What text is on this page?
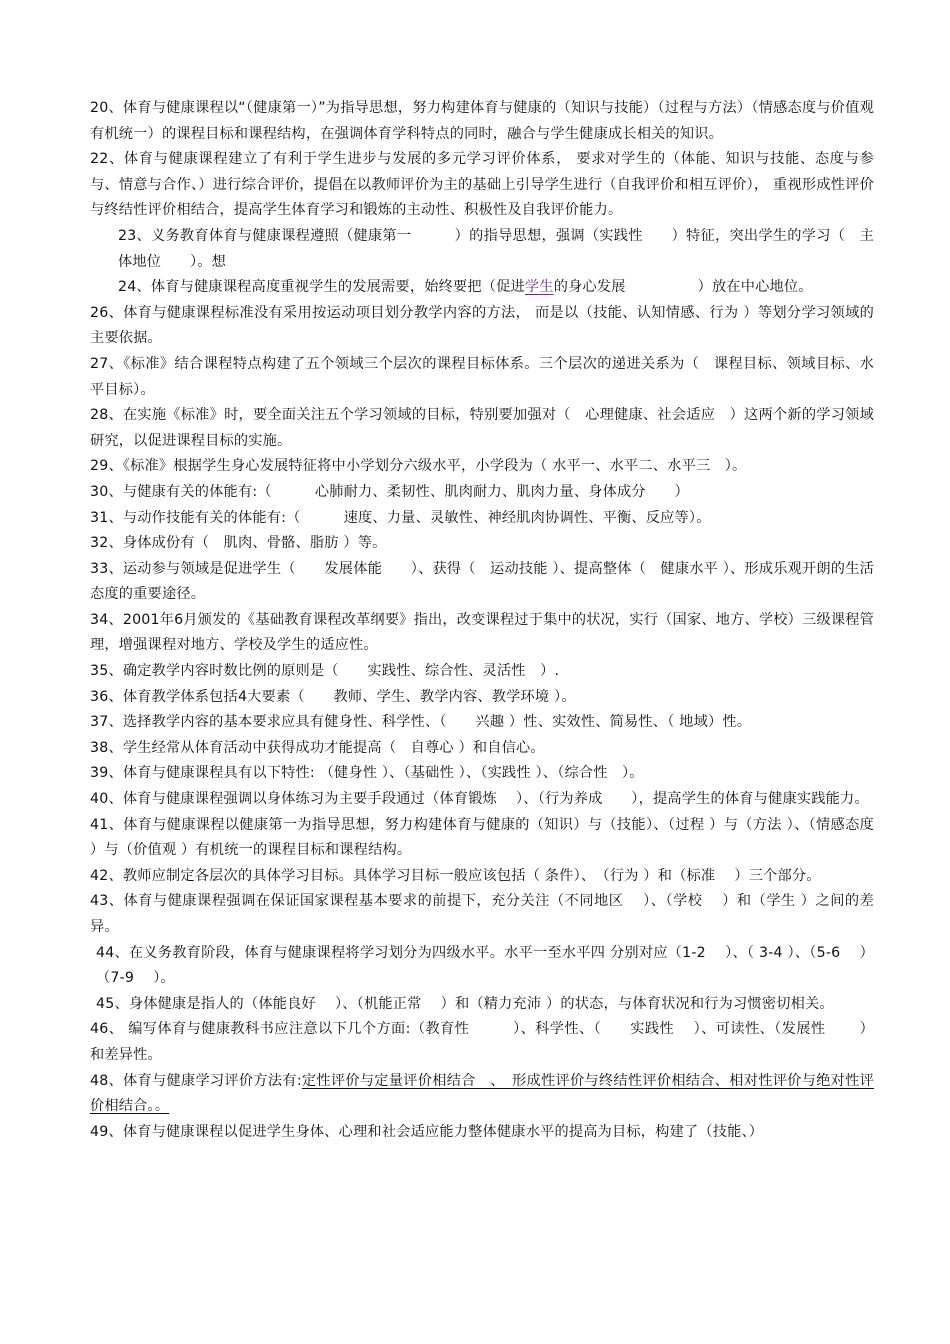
20、体育与健康课程以“（健康第一）”为指导思想，努力构建体育与健康的（知识与技能）（过程与方法）（情感态度与价值观有机统一）的课程目标和课程结构，在强调体育学科特点的同时，融合与学生健康成长相关的知识。

22、体育与健康课程建立了有利于学生进步与发展的多元学习评价体系， 要求对学生的（体能、知识与技能、态度与参与、情意与合作、）进行综合评价，提倡在以教师评价为主的基础上引导学生进行（自我评价和相互评价）， 重视形成性评价与终结性评价相结合，提高学生体育学习和锻炼的主动性、积极性及自我评价能力。

23、义务教育体育与健康课程遵照（健康第一　　　）的指导思想，强调（实践性　　）特征，突出学生的学习（　主体地位　　）。想

24、体育与健康课程高度重视学生的发展需要，始终要把（促进学生的身心发展　　　　　）放在中心地位。

26、体育与健康课程标准没有采用按运动项目划分教学内容的方法， 而是以（技能、认知情感、行为 ）等划分学习领域的主要依据。

27、《标准》结合课程特点构建了五个领域三个层次的课程目标体系。三个层次的递进关系为（　课程目标、领域目标、水平目标）。

28、在实施《标准》时，要全面关注五个学习领域的目标，特别要加强对（　心理健康、社会适应　）这两个新的学习领域研究，以促进课程目标的实施。

29、《标准》根据学生身心发展特征将中小学划分六级水平，小学段为（ 水平一、水平二、水平三　）。

30、与健康有关的体能有:（　　　心肺耐力、柔韧性、肌肉耐力、肌肉力量、身体成分　　）

31、与动作技能有关的体能有:（　　　速度、力量、灵敏性、神经肌肉协调性、平衡、反应等）。

32、身体成份有（　肌肉、骨骼、脂肪 ）等。

33、运动参与领域是促进学生（　　发展体能　　）、获得（　运动技能 ）、提高整体（　健康水平 ）、形成乐观开朗的生活态度的重要途径。

34、2001年6月颁发的《基础教育课程改革纲要》指出，改变课程过于集中的状况，实行（国家、地方、学校）三级课程管理，增强课程对地方、学校及学生的适应性。

35、确定教学内容时数比例的原则是（　　实践性、综合性、灵活性　）.

36、体育教学体系包括4大要素（　　教师、学生、教学内容、教学环境 ）。

37、选择教学内容的基本要求应具有健身性、科学性、（　　兴趣 ）性、实效性、简易性、（ 地域）性。

38、学生经常从体育活动中获得成功才能提高（　自尊心 ）和自信心。

39、体育与健康课程具有以下特性: （健身性 ）、（基础性 ）、（实践性 ）、（综合性　）。

40、体育与健康课程强调以身体练习为主要手段通过（体育锻炼　 ）、（行为养成　　），提高学生的体育与健康实践能力。

41、体育与健康课程以健康第一为指导思想，努力构建体育与健康的（知识）与（技能）、（过程 ）与（方法 ）、（情感态度 ）与（价值观 ）有机统一的课程目标和课程结构。

42、教师应制定各层次的具体学习目标。具体学习目标一般应该包括（ 条件）、　（行为 ）和（标准　 ）三个部分。

43、体育与健康课程强调在保证国家课程基本要求的前提下，充分关注（不同地区　 ）、（学校　 ）和（学生 ）之间的差异。

44、在义务教育阶段，体育与健康课程将学习划分为四级水平。水平一至水平四 分别对应（1-2　 ）、（ 3-4 ）、（5-6　 ）（7-9　 ）。

45、身体健康是指人的（体能良好　 ）、（机能正常　 ）和（精力充沛 ）的状态，与体育状况和行为习惯密切相关。

46、 编写体育与健康教科书应注意以下几个方面:（教育性　　　）、科学性、（　　实践性　 ）、可读性、（发展性　　 ）和差异性。

48、体育与健康学习评价方法有:定性评价与定量评价相结合　、　形成性评价与终结性评价相结合、相对性评价与绝对性评价相结合。。

49、体育与健康课程以促进学生身体、心理和社会适应能力整体健康水平的提高为目标，构建了（技能、）
